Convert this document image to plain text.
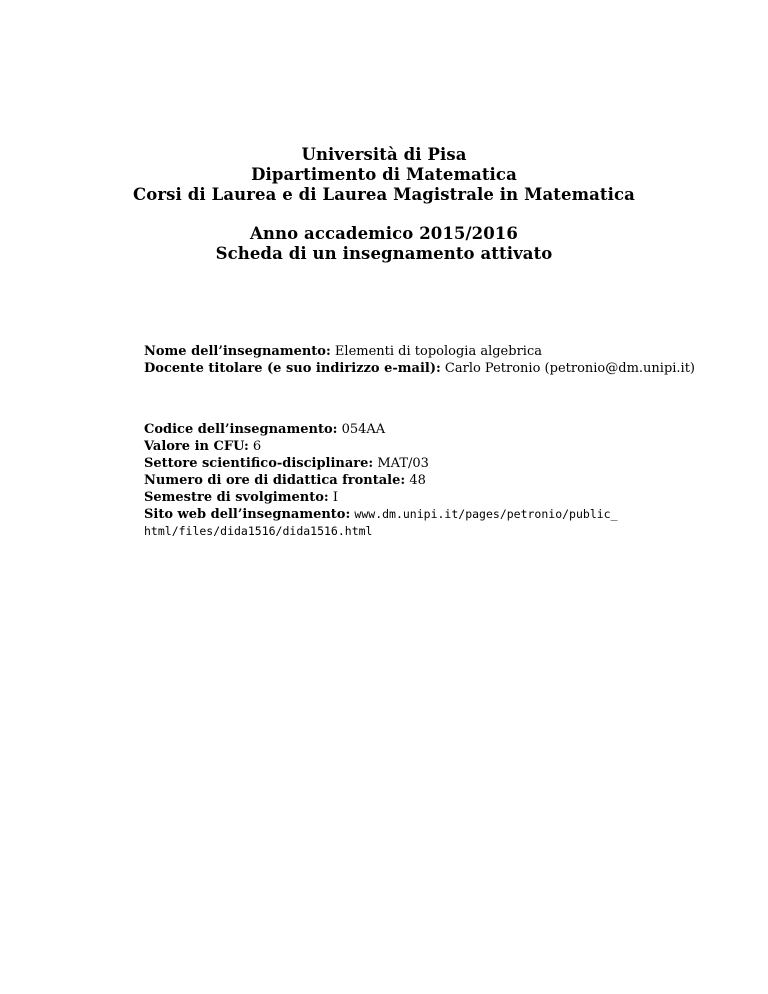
Università di Pisa
Dipartimento di Matematica
Corsi di Laurea e di Laurea Magistrale in Matematica
Anno accademico 2015/2016
Scheda di un insegnamento attivato
Nome dell’insegnamento: Elementi di topologia algebrica
Docente titolare (e suo indirizzo e-mail): Carlo Petronio (petronio@dm.unipi.it)
Codice dell’insegnamento: 054AA
Valore in CFU: 6
Settore scientifico-disciplinare: MAT/03
Numero di ore di didattica frontale: 48
Semestre di svolgimento: I
Sito web dell’insegnamento: www.dm.unipi.it/pages/petronio/public_
html/files/dida1516/dida1516.html
